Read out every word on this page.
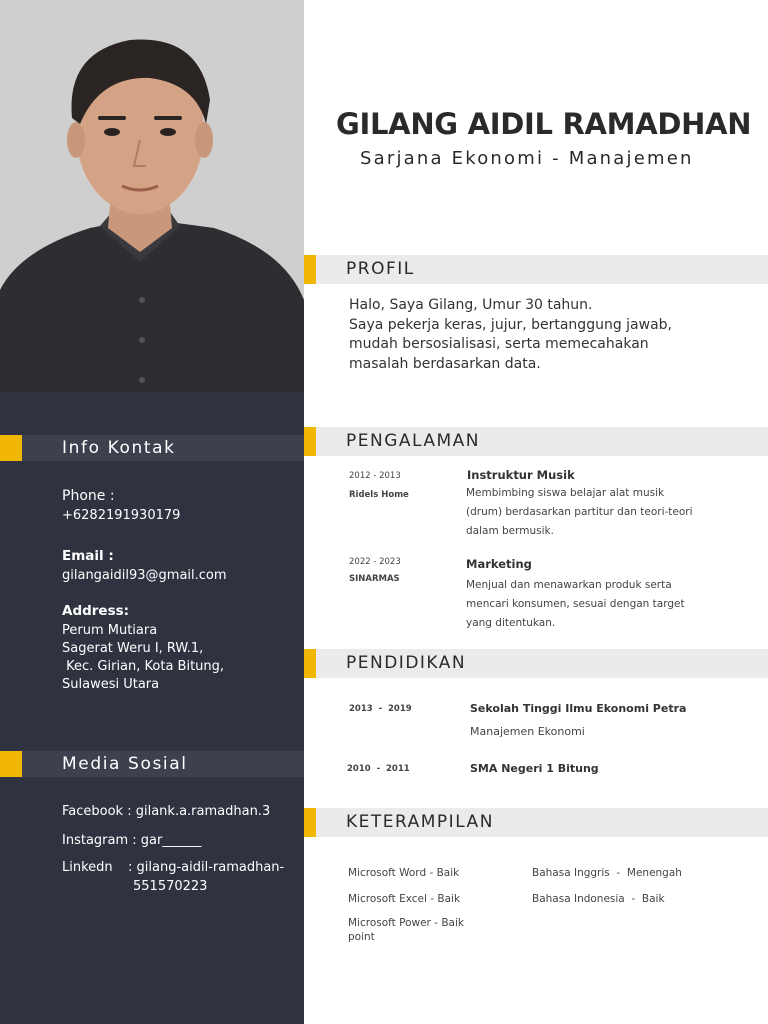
Info Kontak
Phone :
+6282191930179
Email :
gilangaidil93@gmail.com
Address:
Perum Mutiara
Sagerat Weru I, RW.1,
Kec. Girian, Kota Bitung,
Sulawesi Utara
Media Sosial
Facebook : gilank.a.ramadhan.3
Instagram : gar______
Linkedn : gilang-aidil-ramadhan-
551570223
GILANG AIDIL RAMADHAN
Sarjana Ekonomi - Manajemen
PROFIL
Halo, Saya Gilang, Umur 30 tahun.
Saya pekerja keras, jujur, bertanggung jawab,
mudah bersosialisasi, serta memecahakan
masalah berdasarkan data.
PENGALAMAN
2012 - 2013
Ridels Home
Instruktur Musik
Membimbing siswa belajar alat musik
(drum) berdasarkan partitur dan teori-teori
dalam bermusik.
2022 - 2023
SINARMAS
Marketing
Menjual dan menawarkan produk serta
mencari konsumen, sesuai dengan target
yang ditentukan.
PENDIDIKAN
2013  -  2019	Sekolah Tinggi Ilmu Ekonomi Petra
Manajemen Ekonomi
2010  -  2011	SMA Negeri 1 Bitung
KETERAMPILAN
Microsoft Word - Baik
Microsoft Excel - Baik
Microsoft Power - Baik
point
Bahasa Inggris  -  Menengah
Bahasa Indonesia  -  Baik
